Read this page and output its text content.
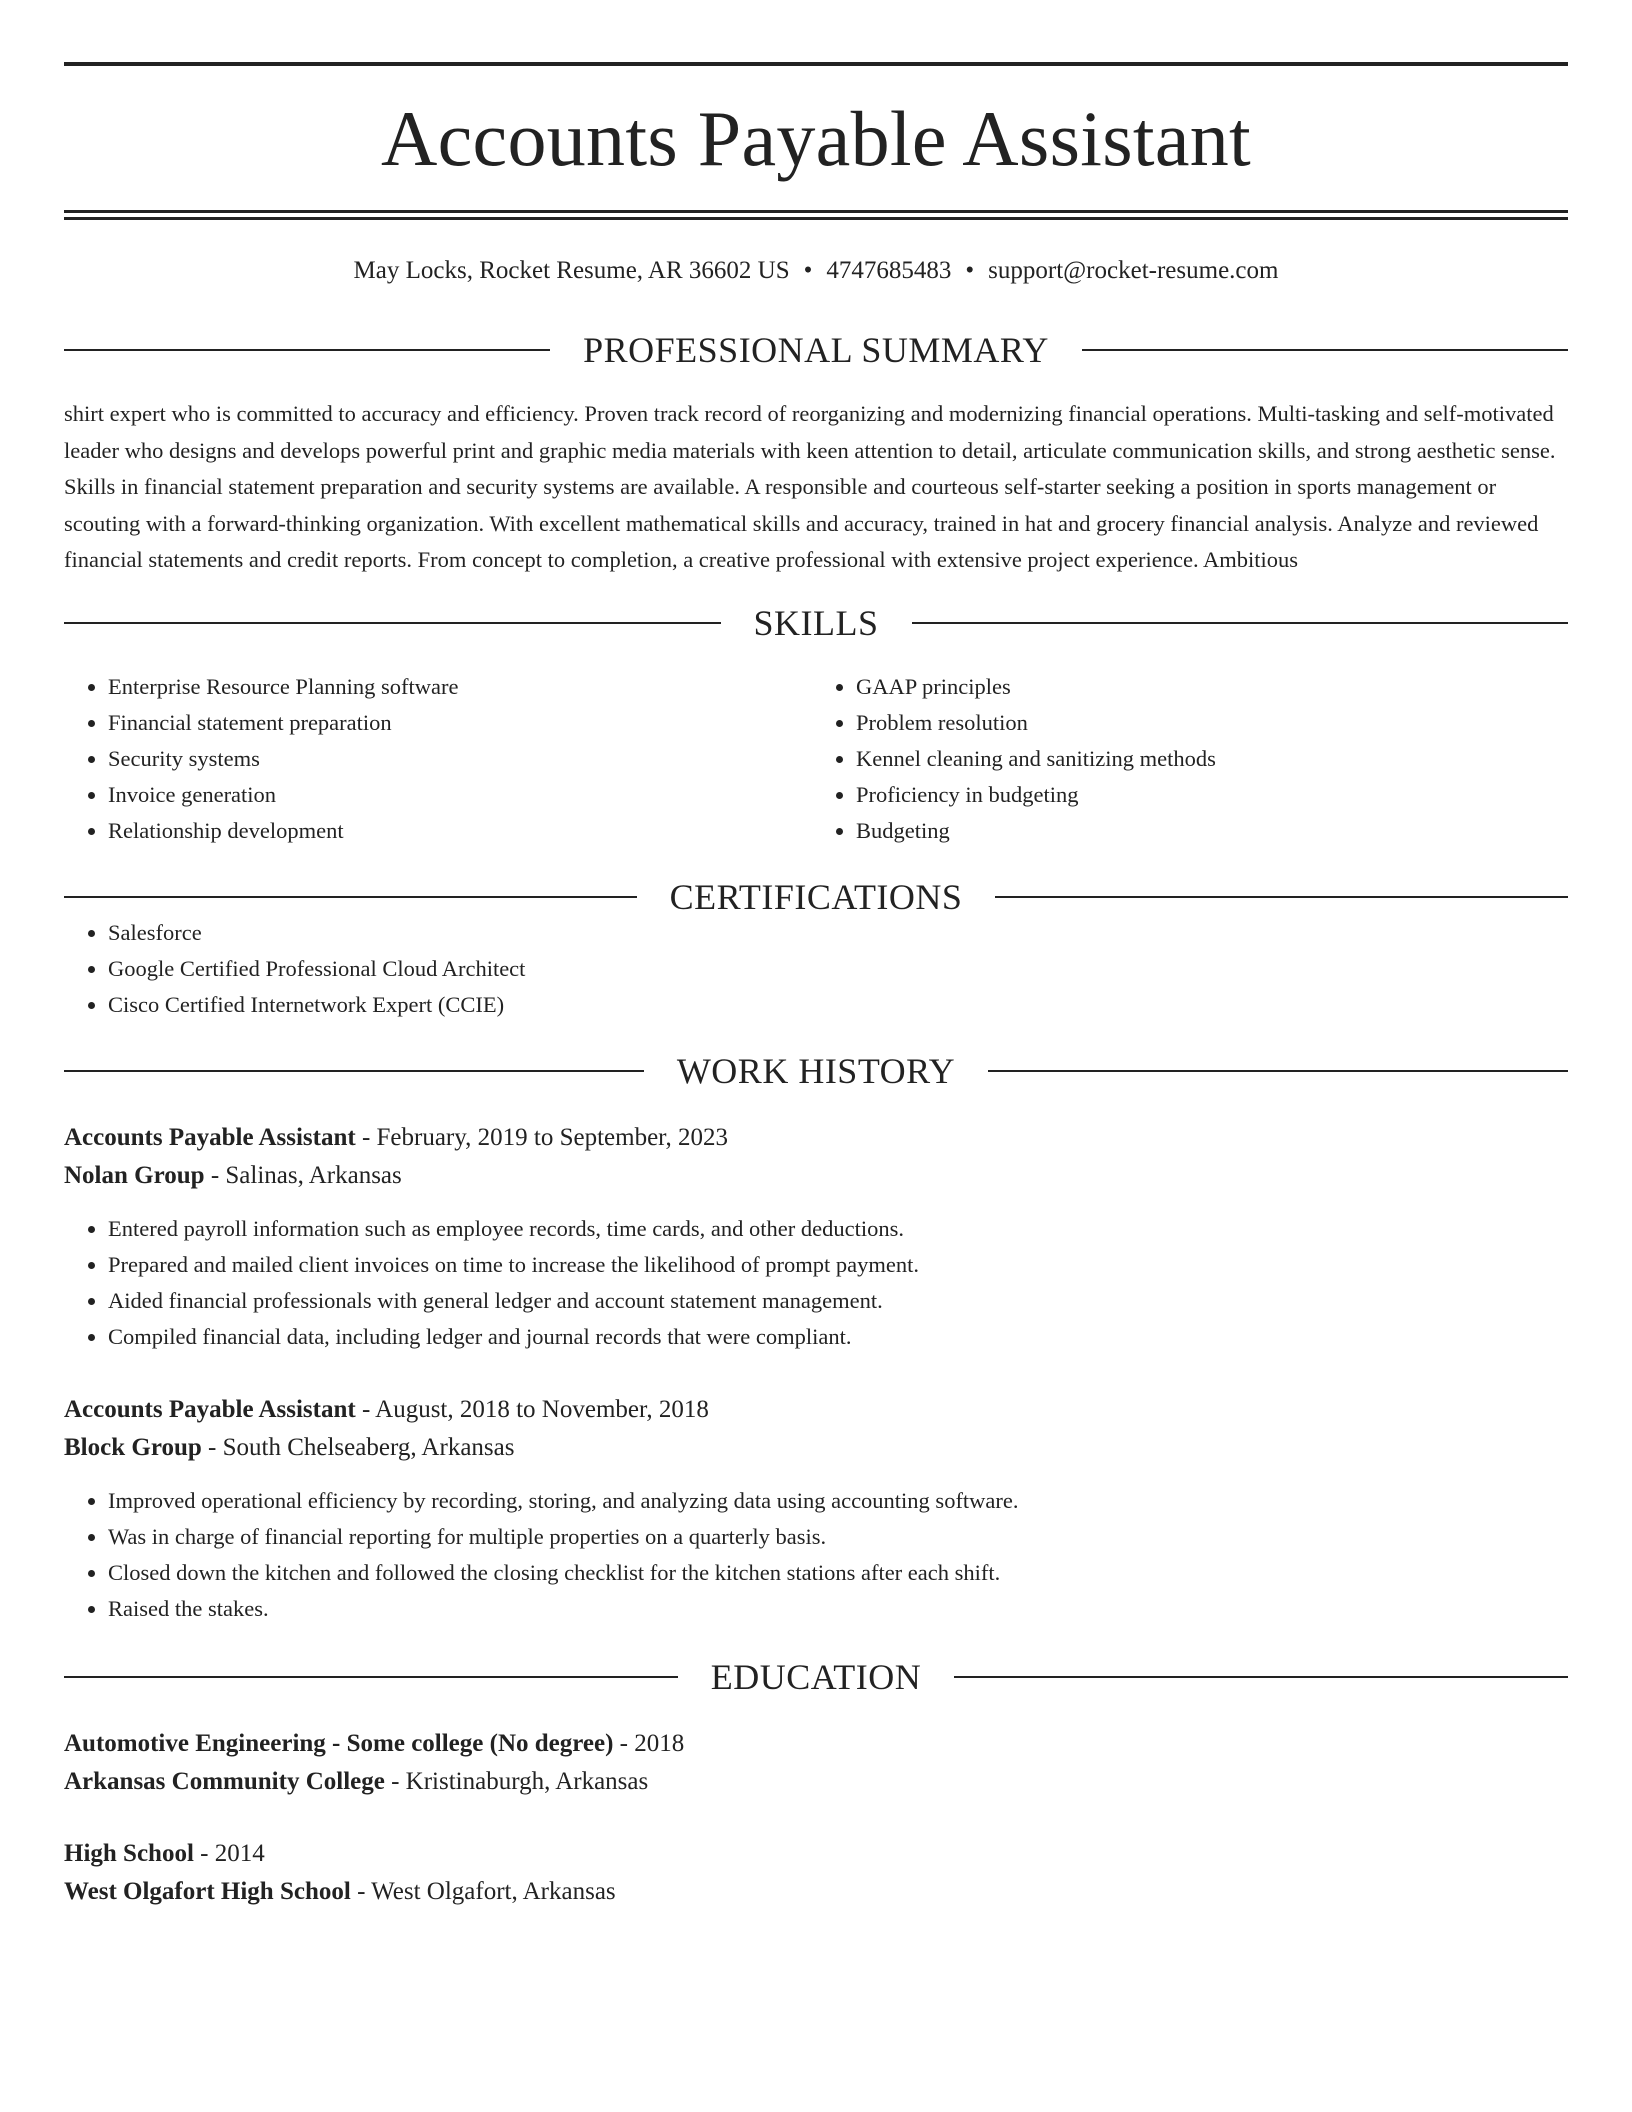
Accounts Payable Assistant
May Locks, Rocket Resume, AR 36602 US • 4747685483 • support@rocket-resume.com
PROFESSIONAL SUMMARY

shirt expert who is committed to accuracy and efficiency. Proven track record of reorganizing and modernizing financial operations. Multi-tasking and self-motivated leader who designs and develops powerful print and graphic media materials with keen attention to detail, articulate communication skills, and strong aesthetic sense. Skills in financial statement preparation and security systems are available. A responsible and courteous self-starter seeking a position in sports management or scouting with a forward-thinking organization. With excellent mathematical skills and accuracy, trained in hat and grocery financial analysis. Analyze and reviewed financial statements and credit reports. From concept to completion, a creative professional with extensive project experience. Ambitious

SKILLS
• Enterprise Resource Planning software
• Financial statement preparation
• Security systems
• Invoice generation
• Relationship development
• GAAP principles
• Problem resolution
• Kennel cleaning and sanitizing methods
• Proficiency in budgeting
• Budgeting
CERTIFICATIONS
• Salesforce
• Google Certified Professional Cloud Architect
• Cisco Certified Internetwork Expert (CCIE)
WORK HISTORY
Accounts Payable Assistant - February, 2019 to September, 2023
Nolan Group - Salinas, Arkansas
• Entered payroll information such as employee records, time cards, and other deductions.
• Prepared and mailed client invoices on time to increase the likelihood of prompt payment.
• Aided financial professionals with general ledger and account statement management.
• Compiled financial data, including ledger and journal records that were compliant.
Accounts Payable Assistant - August, 2018 to November, 2018
Block Group - South Chelseaberg, Arkansas
• Improved operational efficiency by recording, storing, and analyzing data using accounting software.
• Was in charge of financial reporting for multiple properties on a quarterly basis.
• Closed down the kitchen and followed the closing checklist for the kitchen stations after each shift.
• Raised the stakes.
EDUCATION
Automotive Engineering - Some college (No degree) - 2018
Arkansas Community College - Kristinaburgh, Arkansas
High School - 2014
West Olgafort High School - West Olgafort, Arkansas
